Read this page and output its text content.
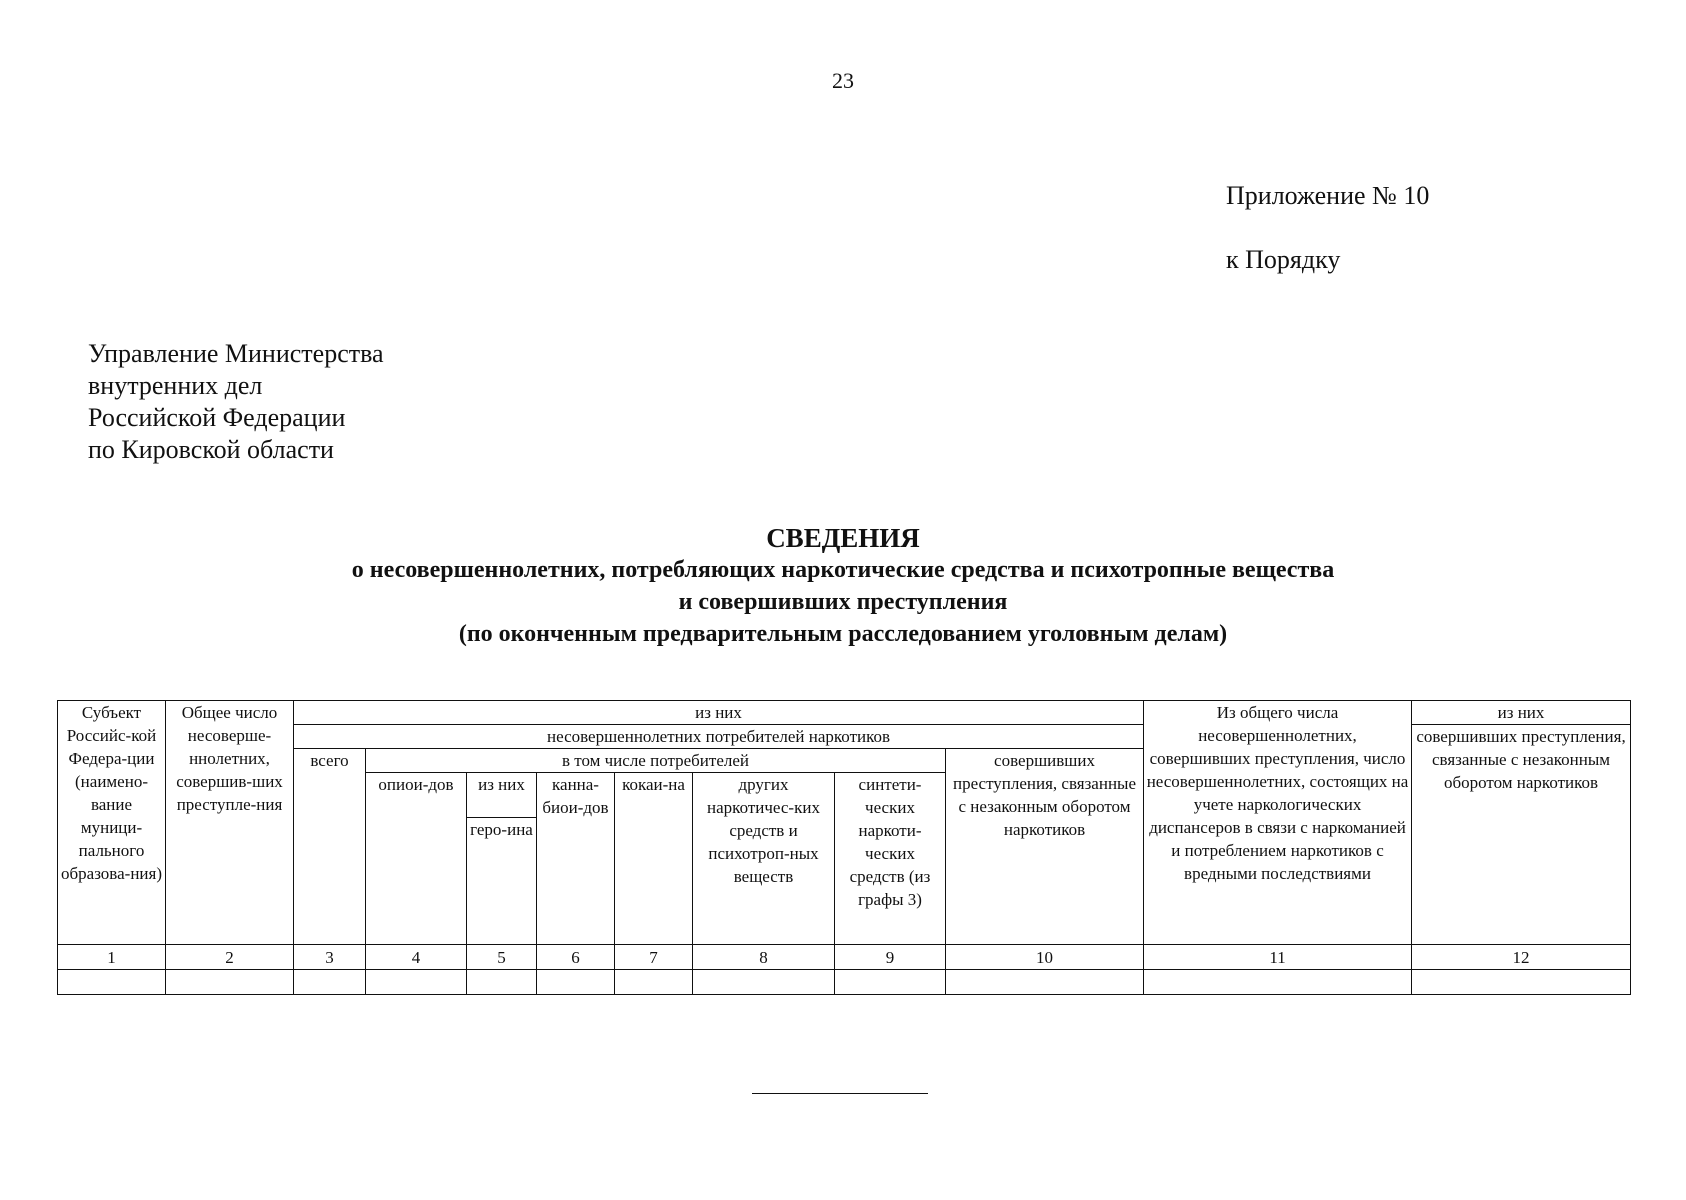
23
Приложение № 10
к Порядку
Управление Министерства
внутренних дел
Российской Федерации
по Кировской области
СВЕДЕНИЯ
о несовершеннолетних, потребляющих наркотические средства и психотропные вещества
и совершивших преступления
(по оконченным предварительным расследованием уголовным делам)
Субъект Российс-кой Федера-ции (наимено-вание муници-пального образова-ния)	Общее число несоверше-ннолетних, совершив-ших преступле-ния	из них								Из общего числа несовершеннолетних, совершивших преступления, число несовершеннолетних, состоящих на учете наркологических диспансеров в связи с наркоманией и потреблением наркотиков с вредными последствиями	из них
		несовершеннолетних потребителей наркотиков									совершивших преступления, связанные с незаконным оборотом наркотиков
		всего	в том числе потребителей						совершивших преступления, связанные с незаконным оборотом наркотиков		
			опиои-дов	из них	канна-биои-дов	кокаи-на	других наркотичес-ких средств и психотроп-ных веществ	синтети-ческих наркоти-ческих средств (из графы 3)			
				геро-ина							
1	2	3	4	5	6	7	8	9	10	11	12
